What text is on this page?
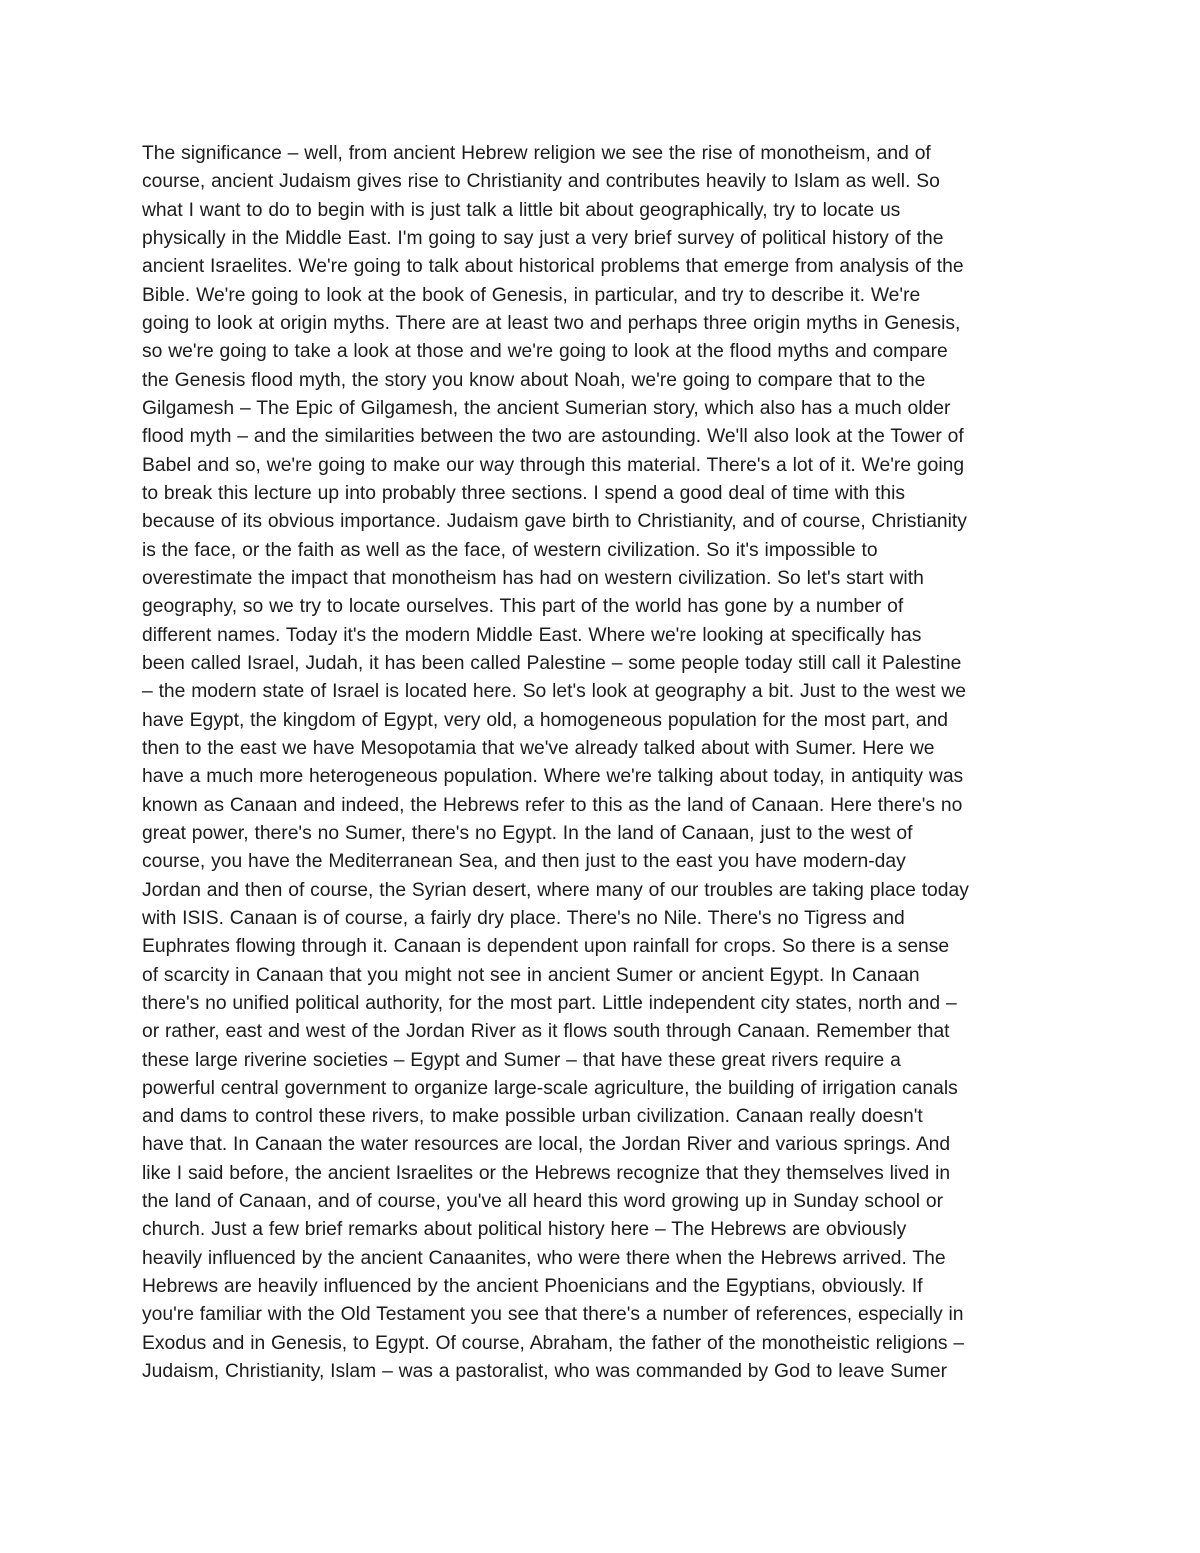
The significance – well, from ancient Hebrew religion we see the rise of monotheism, and of
course, ancient Judaism gives rise to Christianity and contributes heavily to Islam as well. So
what I want to do to begin with is just talk a little bit about geographically, try to locate us
physically in the Middle East. I'm going to say just a very brief survey of political history of the
ancient Israelites. We're going to talk about historical problems that emerge from analysis of the
Bible. We're going to look at the book of Genesis, in particular, and try to describe it. We're
going to look at origin myths. There are at least two and perhaps three origin myths in Genesis,
so we're going to take a look at those and we're going to look at the flood myths and compare
the Genesis flood myth, the story you know about Noah, we're going to compare that to the
Gilgamesh – The Epic of Gilgamesh, the ancient Sumerian story, which also has a much older
flood myth – and the similarities between the two are astounding. We'll also look at the Tower of
Babel and so, we're going to make our way through this material. There's a lot of it. We're going
to break this lecture up into probably three sections. I spend a good deal of time with this
because of its obvious importance. Judaism gave birth to Christianity, and of course, Christianity
is the face, or the faith as well as the face, of western civilization. So it's impossible to
overestimate the impact that monotheism has had on western civilization. So let's start with
geography, so we try to locate ourselves. This part of the world has gone by a number of
different names. Today it's the modern Middle East. Where we're looking at specifically has
been called Israel, Judah, it has been called Palestine – some people today still call it Palestine
– the modern state of Israel is located here. So let's look at geography a bit. Just to the west we
have Egypt, the kingdom of Egypt, very old, a homogeneous population for the most part, and
then to the east we have Mesopotamia that we've already talked about with Sumer. Here we
have a much more heterogeneous population. Where we're talking about today, in antiquity was
known as Canaan and indeed, the Hebrews refer to this as the land of Canaan. Here there's no
great power, there's no Sumer, there's no Egypt. In the land of Canaan, just to the west of
course, you have the Mediterranean Sea, and then just to the east you have modern-day
Jordan and then of course, the Syrian desert, where many of our troubles are taking place today
with ISIS. Canaan is of course, a fairly dry place. There's no Nile. There's no Tigress and
Euphrates flowing through it. Canaan is dependent upon rainfall for crops. So there is a sense
of scarcity in Canaan that you might not see in ancient Sumer or ancient Egypt. In Canaan
there's no unified political authority, for the most part. Little independent city states, north and –
or rather, east and west of the Jordan River as it flows south through Canaan. Remember that
these large riverine societies – Egypt and Sumer – that have these great rivers require a
powerful central government to organize large-scale agriculture, the building of irrigation canals
and dams to control these rivers, to make possible urban civilization. Canaan really doesn't
have that. In Canaan the water resources are local, the Jordan River and various springs. And
like I said before, the ancient Israelites or the Hebrews recognize that they themselves lived in
the land of Canaan, and of course, you've all heard this word growing up in Sunday school or
church. Just a few brief remarks about political history here – The Hebrews are obviously
heavily influenced by the ancient Canaanites, who were there when the Hebrews arrived. The
Hebrews are heavily influenced by the ancient Phoenicians and the Egyptians, obviously. If
you're familiar with the Old Testament you see that there's a number of references, especially in
Exodus and in Genesis, to Egypt. Of course, Abraham, the father of the monotheistic religions –
Judaism, Christianity, Islam – was a pastoralist, who was commanded by God to leave Sumer
